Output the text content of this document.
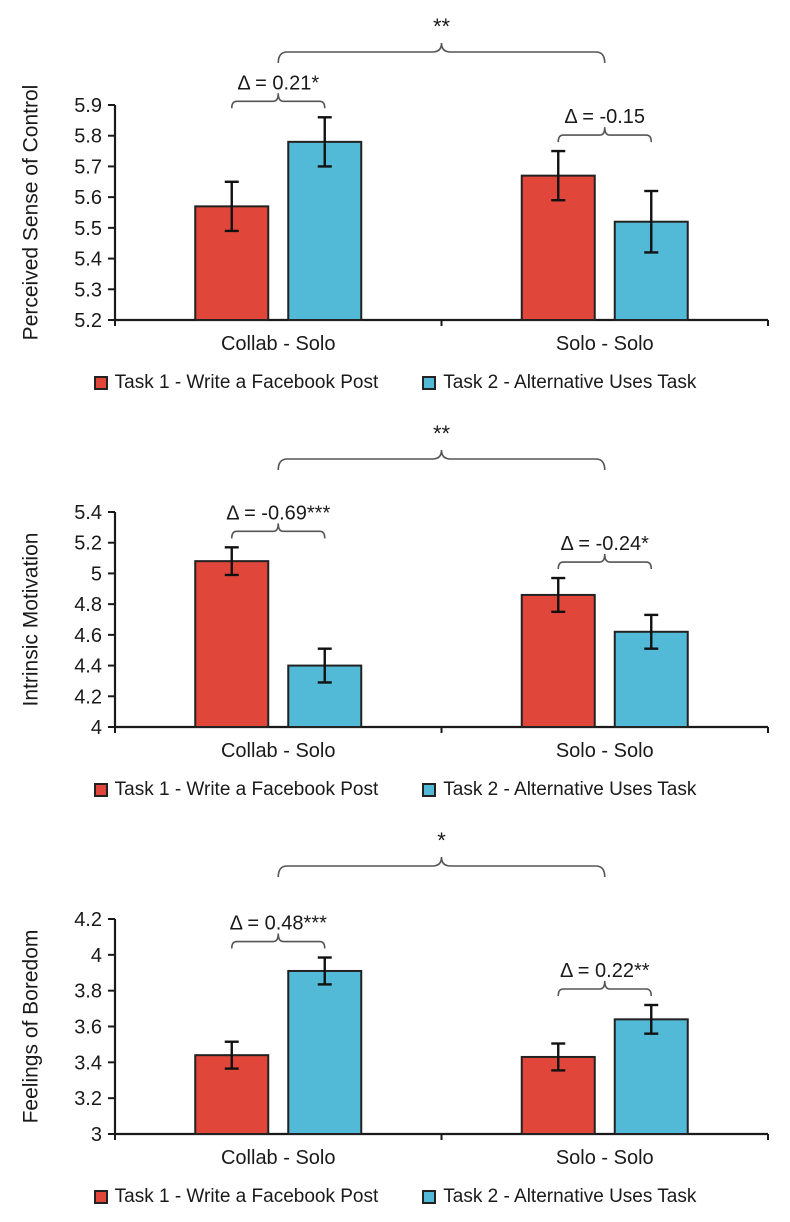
Perceived Sense of Control 5.2
5.3
5.4
5.5
5.6
5.7
5.8
5.9
Δ = 0.21*
Collab - Solo
Δ = -0.15
Solo - Solo
**
Task 1 - Write a Facebook Post	Task 2 - Alternative Uses Task
Intrinsic Motivation
4
4.2
4.4
4.6
4.8
5
5.2
5.4	Δ = -0.69***
Collab - Solo
Δ = -0.24*
Solo - Solo
**
Task 1 - Write a Facebook Post	Task 2 - Alternative Uses Task
Feelings of Boredom
3
3.2
3.4
3.6
3.8
4
4.2	Δ = 0.48***
Collab - Solo
Δ = 0.22**
Solo - Solo
*
Task 1 - Write a Facebook Post	Task 2 - Alternative Uses Task
